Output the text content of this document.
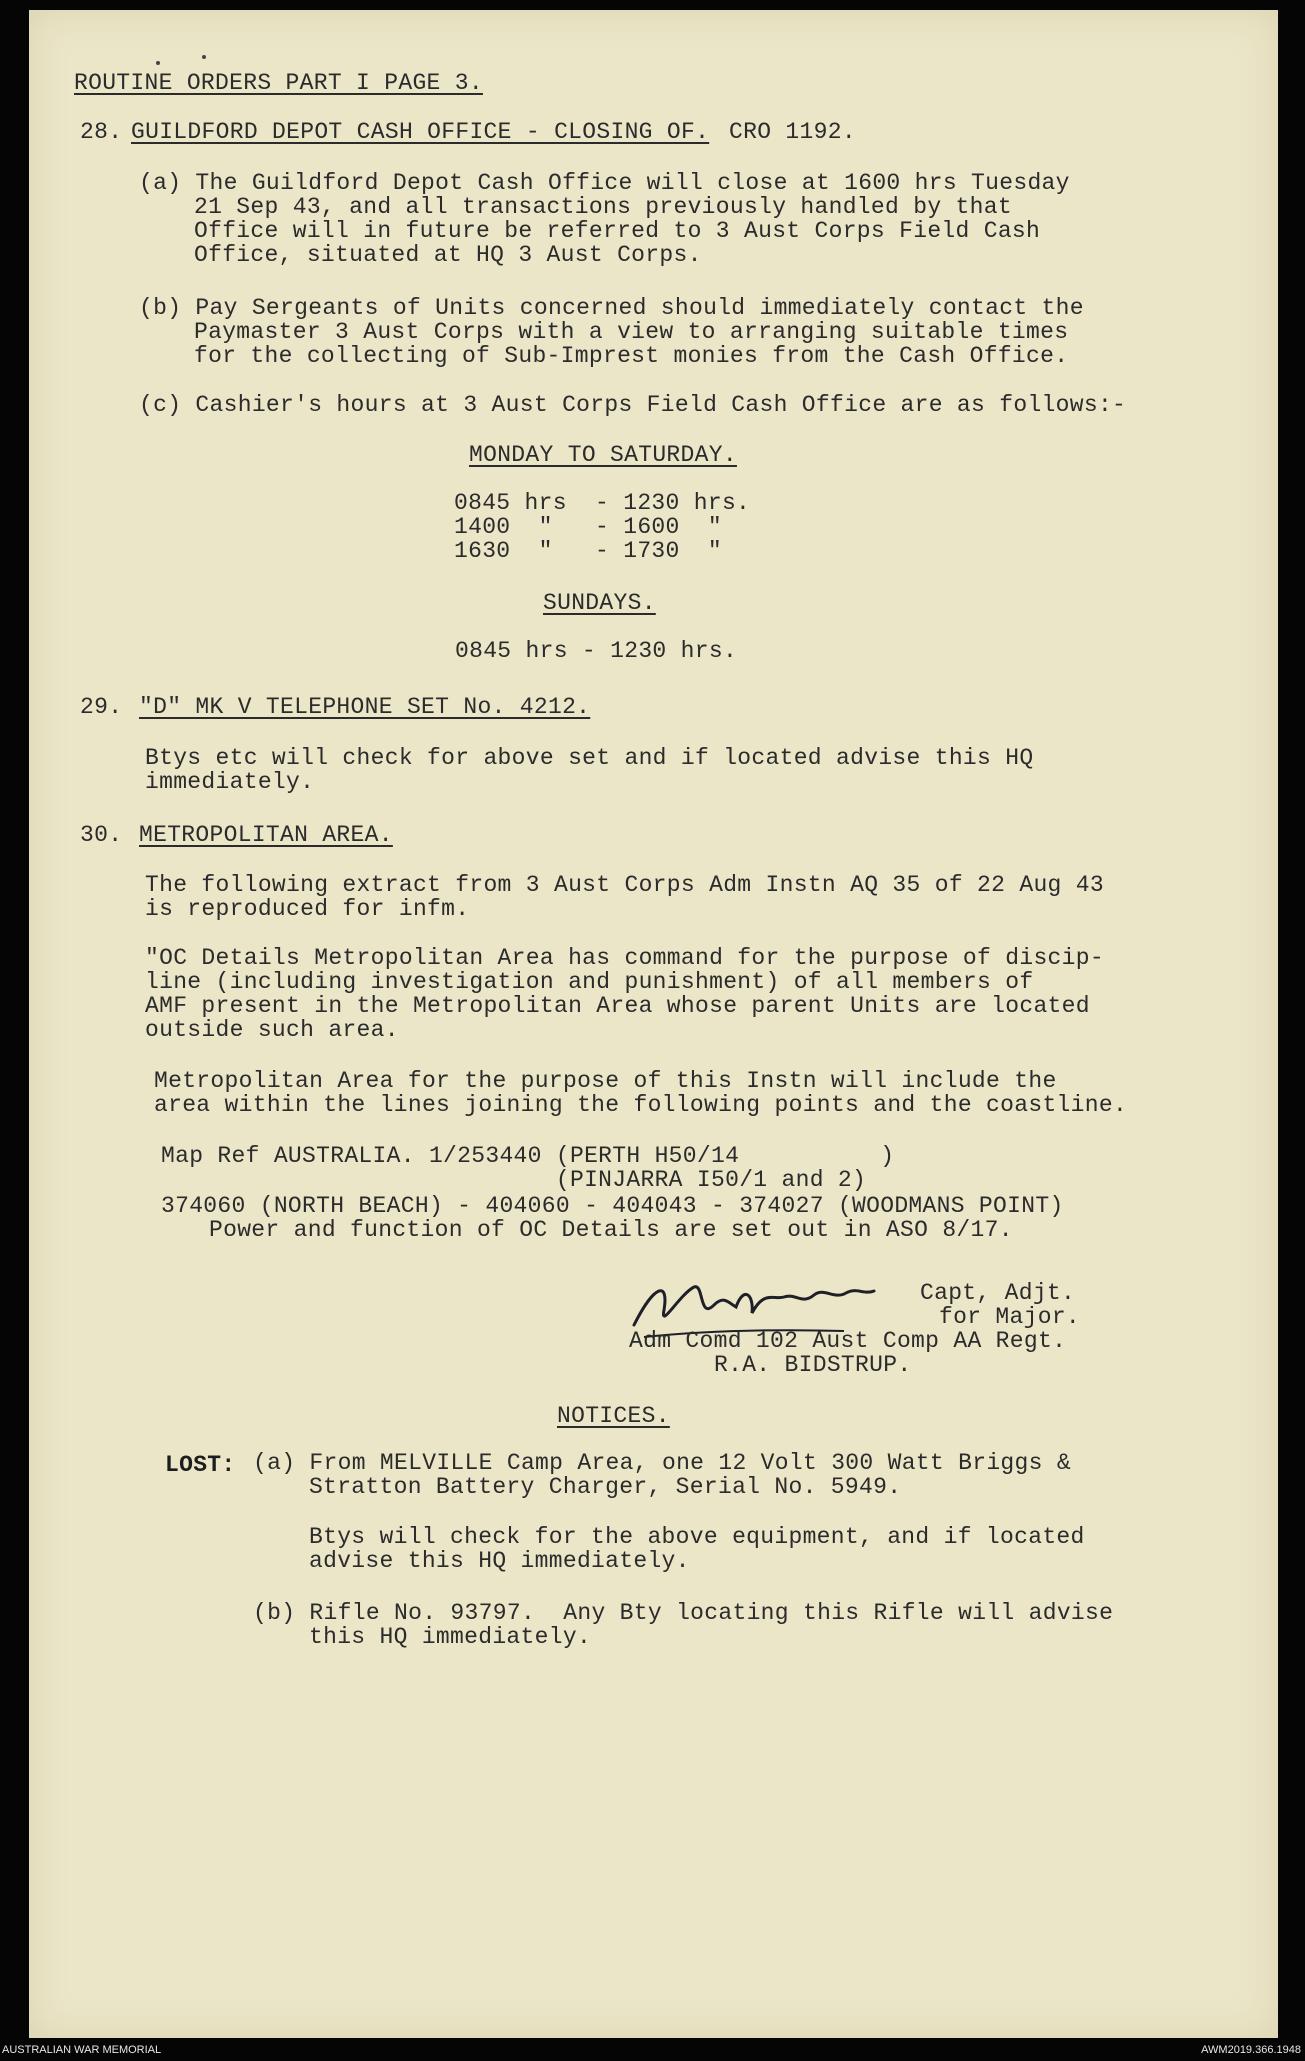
ROUTINE ORDERS PART I PAGE 3.
28. GUILDFORD DEPOT CASH OFFICE - CLOSING OF. CRO 1192.
(a) The Guildford Depot Cash Office will close at 1600 hrs Tuesday
21 Sep 43, and all transactions previously handled by that
Office will in future be referred to 3 Aust Corps Field Cash
Office, situated at HQ 3 Aust Corps.
(b) Pay Sergeants of Units concerned should immediately contact the
Paymaster 3 Aust Corps with a view to arranging suitable times
for the collecting of Sub-Imprest monies from the Cash Office.
(c) Cashier's hours at 3 Aust Corps Field Cash Office are as follows:-
MONDAY TO SATURDAY.
0845 hrs  - 1230 hrs.
1400  "   - 1600  "
1630  "   - 1730  "
SUNDAYS.
0845 hrs - 1230 hrs.
29. "D" MK V TELEPHONE SET No. 4212.
Btys etc will check for above set and if located advise this HQ
immediately.
30. METROPOLITAN AREA.
The following extract from 3 Aust Corps Adm Instn AQ 35 of 22 Aug 43
is reproduced for infm.
"OC Details Metropolitan Area has command for the purpose of discip-
line (including investigation and punishment) of all members of
AMF present in the Metropolitan Area whose parent Units are located
outside such area.
Metropolitan Area for the purpose of this Instn will include the
area within the lines joining the following points and the coastline.
Map Ref AUSTRALIA. 1/253440 (PERTH H50/14          )
(PINJARRA I50/1 and 2)
374060 (NORTH BEACH) - 404060 - 404043 - 374027 (WOODMANS POINT)
Power and function of OC Details are set out in ASO 8/17.
Capt, Adjt.
for Major.
Adm Comd 102 Aust Comp AA Regt.
R.A. BIDSTRUP.
NOTICES.
LOST: (a) From MELVILLE Camp Area, one 12 Volt 300 Watt Briggs &
Stratton Battery Charger, Serial No. 5949.
Btys will check for the above equipment, and if located
advise this HQ immediately.
(b) Rifle No. 93797.  Any Bty locating this Rifle will advise
this HQ immediately.
AUSTRALIAN WAR MEMORIAL	AWM2019.366.1948
